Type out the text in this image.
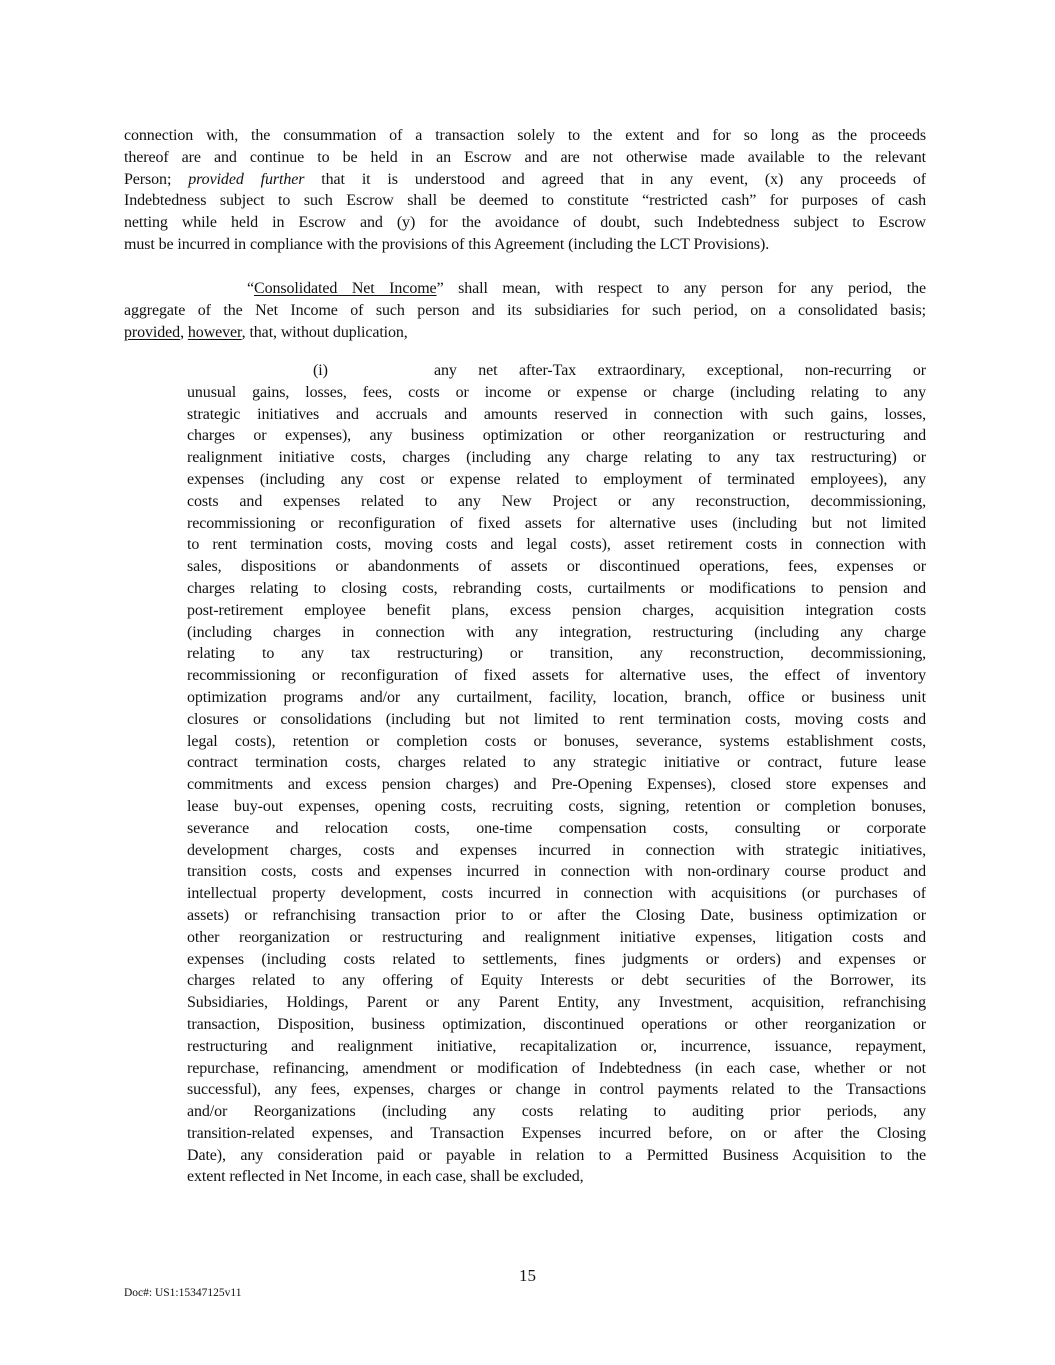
connection with, the consummation of a transaction solely to the extent and for so long as the proceeds
thereof are and continue to be held in an Escrow and are not otherwise made available to the relevant
Person; provided further that it is understood and agreed that in any event, (x) any proceeds of
Indebtedness subject to such Escrow shall be deemed to constitute “restricted cash” for purposes of cash
netting while held in Escrow and (y) for the avoidance of doubt, such Indebtedness subject to Escrow
must be incurred in compliance with the provisions of this Agreement (including the LCT Provisions).
“Consolidated Net Income” shall mean, with respect to any person for any period, the
aggregate of the Net Income of such person and its subsidiaries for such period, on a consolidated basis;
provided, however, that, without duplication,
(i)	any net after-Tax extraordinary, exceptional, non-recurring or
unusual gains, losses, fees, costs or income or expense or charge (including relating to any
strategic initiatives and accruals and amounts reserved in connection with such gains, losses,
charges or expenses), any business optimization or other reorganization or restructuring and
realignment initiative costs, charges (including any charge relating to any tax restructuring) or
expenses (including any cost or expense related to employment of terminated employees), any
costs and expenses related to any New Project or any reconstruction, decommissioning,
recommissioning or reconfiguration of fixed assets for alternative uses (including but not limited
to rent termination costs, moving costs and legal costs), asset retirement costs in connection with
sales, dispositions or abandonments of assets or discontinued operations, fees, expenses or
charges relating to closing costs, rebranding costs, curtailments or modifications to pension and
post-retirement employee benefit plans, excess pension charges, acquisition integration costs
(including charges in connection with any integration, restructuring (including any charge
relating to any tax restructuring) or transition, any reconstruction, decommissioning,
recommissioning or reconfiguration of fixed assets for alternative uses, the effect of inventory
optimization programs and/or any curtailment, facility, location, branch, office or business unit
closures or consolidations (including but not limited to rent termination costs, moving costs and
legal costs), retention or completion costs or bonuses, severance, systems establishment costs,
contract termination costs, charges related to any strategic initiative or contract, future lease
commitments and excess pension charges) and Pre-Opening Expenses), closed store expenses and
lease buy-out expenses, opening costs, recruiting costs, signing, retention or completion bonuses,
severance and relocation costs, one-time compensation costs, consulting or corporate
development charges, costs and expenses incurred in connection with strategic initiatives,
transition costs, costs and expenses incurred in connection with non-ordinary course product and
intellectual property development, costs incurred in connection with acquisitions (or purchases of
assets) or refranchising transaction prior to or after the Closing Date, business optimization or
other reorganization or restructuring and realignment initiative expenses, litigation costs and
expenses (including costs related to settlements, fines judgments or orders) and expenses or
charges related to any offering of Equity Interests or debt securities of the Borrower, its
Subsidiaries, Holdings, Parent or any Parent Entity, any Investment, acquisition, refranchising
transaction, Disposition, business optimization, discontinued operations or other reorganization or
restructuring and realignment initiative, recapitalization or, incurrence, issuance, repayment,
repurchase, refinancing, amendment or modification of Indebtedness (in each case, whether or not
successful), any fees, expenses, charges or change in control payments related to the Transactions
and/or Reorganizations (including any costs relating to auditing prior periods, any
transition-related expenses, and Transaction Expenses incurred before, on or after the Closing
Date), any consideration paid or payable in relation to a Permitted Business Acquisition to the
extent reflected in Net Income, in each case, shall be excluded,
15
Doc#: US1:15347125v11
